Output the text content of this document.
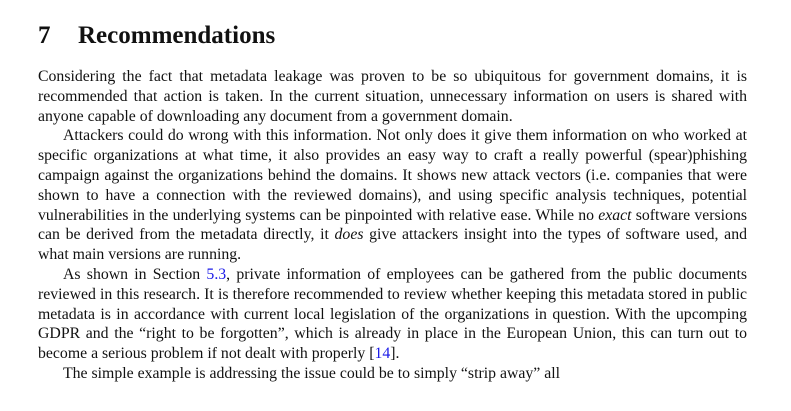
7 Recommendations

Considering the fact that metadata leakage was proven to be so ubiquitous for government domains, it is recommended that action is taken. In the current situation, unnecessary information on users is shared with anyone capable of downloading any document from a government domain.

Attackers could do wrong with this information. Not only does it give them information on who worked at specific organizations at what time, it also provides an easy way to craft a really powerful (spear)phishing campaign against the organizations behind the domains. It shows new attack vectors (i.e. companies that were shown to have a connection with the reviewed domains), and using specific analysis techniques, potential vulnerabilities in the underlying systems can be pinpointed with relative ease. While no exact software versions can be derived from the metadata directly, it does give attackers insight into the types of software used, and what main versions are running.

As shown in Section 5.3, private information of employees can be gathered from the public documents reviewed in this research. It is therefore recommended to review whether keeping this metadata stored in public metadata is in accordance with current local legislation of the organizations in question. With the upcomping GDPR and the “right to be forgotten”, which is already in place in the European Union, this can turn out to become a serious problem if not dealt with properly [14].

The simple example is addressing the issue could be to simply “strip away” all
